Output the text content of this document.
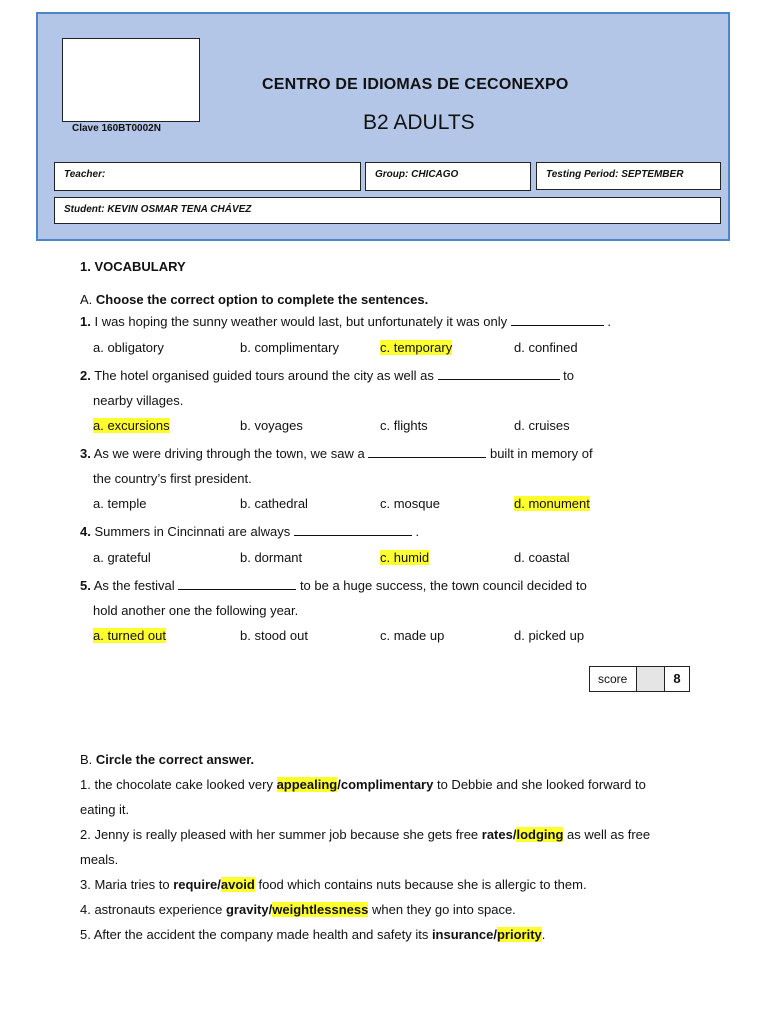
Clave 160BT0002N
CENTRO DE IDIOMAS DE CECONEXPO
B2 ADULTS
Teacher:	Group: CHICAGO	Testing Period: SEPTEMBER
Student: KEVIN OSMAR TENA CHÁVEZ
1. VOCABULARY
A. Choose the correct option to complete the sentences.
1. I was hoping the sunny weather would last, but unfortunately it was only	.
a. obligatory	b. complimentary	c. temporary	d. confined
2. The hotel organised guided tours around the city as well as	to
nearby villages.
a. excursions	b. voyages	c. flights	d. cruises
3. As we were driving through the town, we saw a	built in memory of
the country’s first president.
a. temple	b. cathedral	c. mosque	d. monument
4. Summers in Cincinnati are always	.
a. grateful	b. dormant	c. humid	d. coastal
5. As the festival	to be a huge success, the town council decided to
hold another one the following year.
a. turned out	b. stood out	c. made up	d. picked up
score	8
B. Circle the correct answer.
1. the chocolate cake looked very appealing/complimentary to Debbie and she looked forward to
eating it.
2. Jenny is really pleased with her summer job because she gets free rates/lodging as well as free
meals.
3. Maria tries to require/avoid food which contains nuts because she is allergic to them.
4. astronauts experience gravity/weightlessness when they go into space.
5. After the accident the company made health and safety its insurance/priority.
